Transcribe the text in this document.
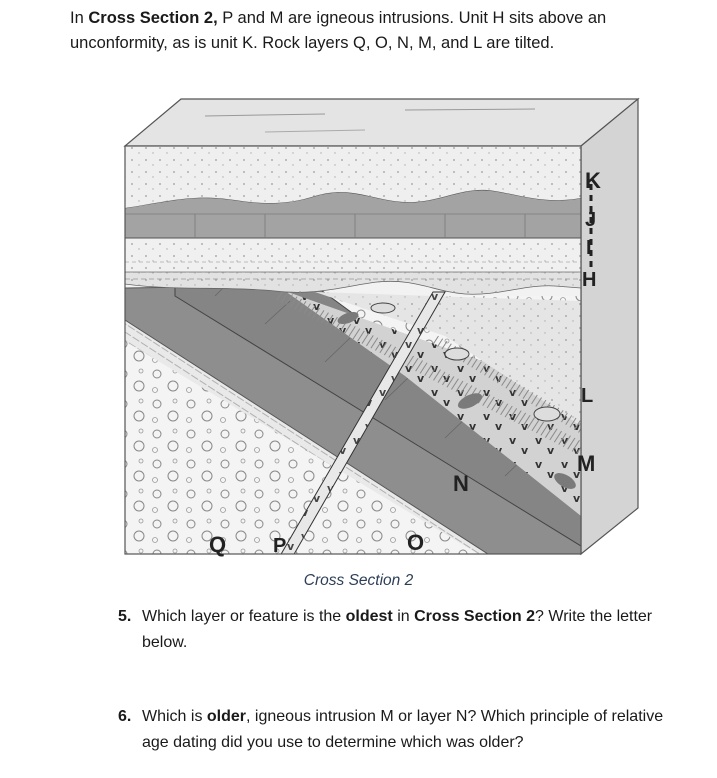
In Cross Section 2, P and M are igneous intrusions. Unit H sits above an unconformity, as is unit K. Rock layers Q, O, N, M, and L are tilted.

K
J
I
H
L
M
N
O
P
Q
Cross Section 2
5. Which layer or feature is the oldest in Cross Section 2? Write the letter below.
6. Which is older, igneous intrusion M or layer N? Which principle of relative age dating did you use to determine which was older?
